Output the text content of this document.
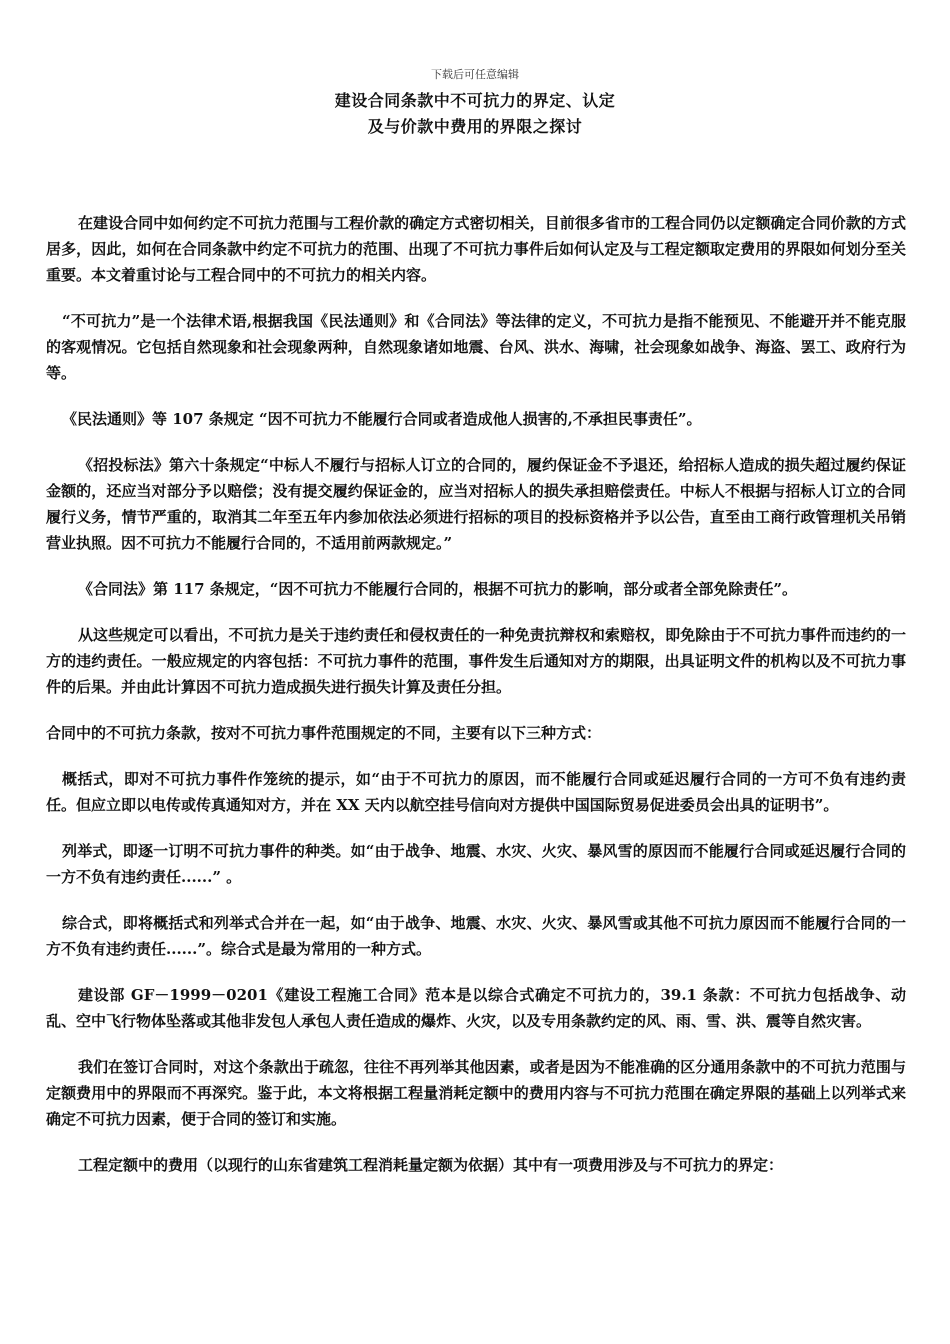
下载后可任意编辑
建设合同条款中不可抗力的界定、认定
及与价款中费用的界限之探讨

在建设合同中如何约定不可抗力范围与工程价款的确定方式密切相关，目前很多省市的工程合同仍以定额确定合同价款的方式居多，因此，如何在合同条款中约定不可抗力的范围、出现了不可抗力事件后如何认定及与工程定额取定费用的界限如何划分至关重要。本文着重讨论与工程合同中的不可抗力的相关内容。

“不可抗力”是一个法律术语,根据我国《民法通则》和《合同法》等法律的定义，不可抗力是指不能预见、不能避开并不能克服的客观情况。它包括自然现象和社会现象两种，自然现象诸如地震、台风、洪水、海啸，社会现象如战争、海盗、罢工、政府行为等。

《民法通则》等 107 条规定 “因不可抗力不能履行合同或者造成他人损害的,不承担民事责任”。

《招投标法》第六十条规定“中标人不履行与招标人订立的合同的，履约保证金不予退还，给招标人造成的损失超过履约保证金额的，还应当对部分予以赔偿；没有提交履约保证金的，应当对招标人的损失承担赔偿责任。中标人不根据与招标人订立的合同履行义务，情节严重的，取消其二年至五年内参加依法必须进行招标的项目的投标资格并予以公告，直至由工商行政管理机关吊销营业执照。因不可抗力不能履行合同的，不适用前两款规定。”

《合同法》第 117 条规定，“因不可抗力不能履行合同的，根据不可抗力的影响，部分或者全部免除责任”。

从这些规定可以看出，不可抗力是关于违约责任和侵权责任的一种免责抗辩权和索赔权，即免除由于不可抗力事件而违约的一方的违约责任。一般应规定的内容包括：不可抗力事件的范围，事件发生后通知对方的期限，出具证明文件的机构以及不可抗力事件的后果。并由此计算因不可抗力造成损失进行损失计算及责任分担。

合同中的不可抗力条款，按对不可抗力事件范围规定的不同，主要有以下三种方式：

概括式，即对不可抗力事件作笼统的提示，如“由于不可抗力的原因，而不能履行合同或延迟履行合同的一方可不负有违约责任。但应立即以电传或传真通知对方，并在 XX 天内以航空挂号信向对方提供中国国际贸易促进委员会出具的证明书”。

列举式，即逐一订明不可抗力事件的种类。如“由于战争、地震、水灾、火灾、暴风雪的原因而不能履行合同或延迟履行合同的一方不负有违约责任......” 。

综合式，即将概括式和列举式合并在一起，如“由于战争、地震、水灾、火灾、暴风雪或其他不可抗力原因而不能履行合同的一方不负有违约责任......”。综合式是最为常用的一种方式。

建设部 GF－1999－0201《建设工程施工合同》范本是以综合式确定不可抗力的，39.1 条款：不可抗力包括战争、动乱、空中飞行物体坠落或其他非发包人承包人责任造成的爆炸、火灾，以及专用条款约定的风、雨、雪、洪、震等自然灾害。

我们在签订合同时，对这个条款出于疏忽，往往不再列举其他因素，或者是因为不能准确的区分通用条款中的不可抗力范围与定额费用中的界限而不再深究。鉴于此，本文将根据工程量消耗定额中的费用内容与不可抗力范围在确定界限的基础上以列举式来确定不可抗力因素，便于合同的签订和实施。

工程定额中的费用（以现行的山东省建筑工程消耗量定额为依据）其中有一项费用涉及与不可抗力的界定：
